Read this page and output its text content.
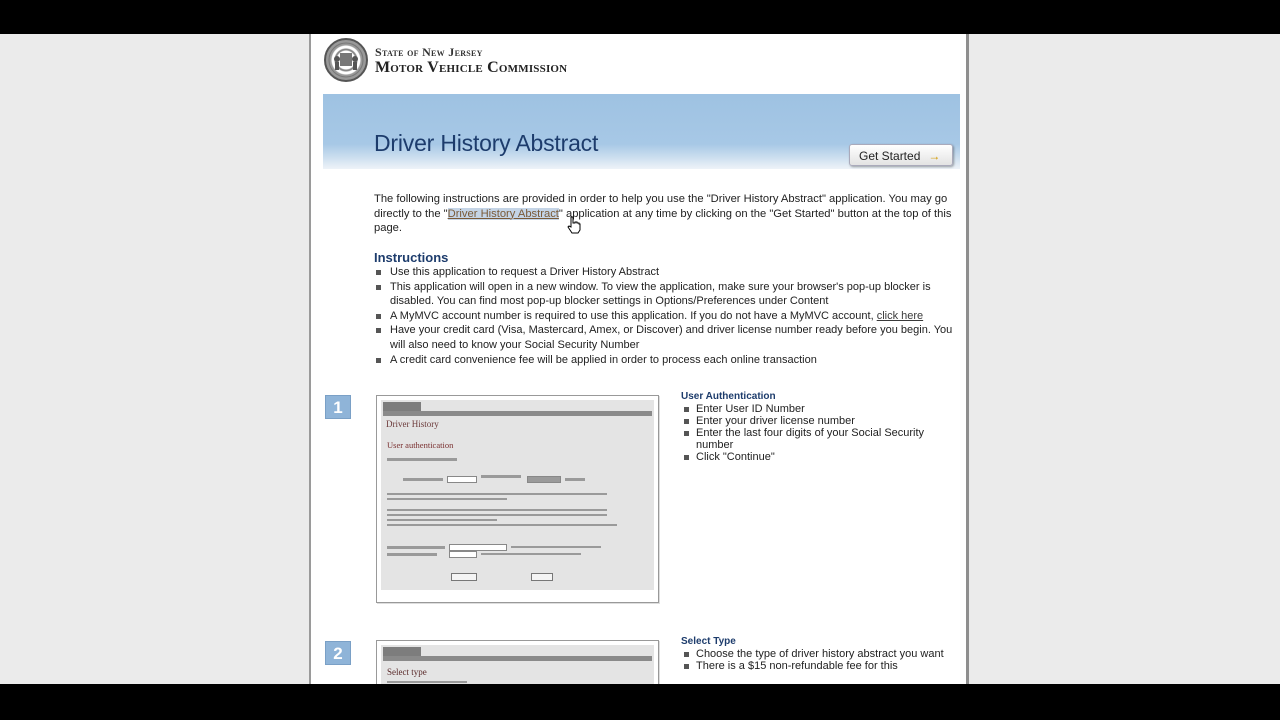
State of New Jersey
Motor Vehicle Commission
Driver History Abstract	Get Started →
The following instructions are provided in order to help you use the "Driver History Abstract" application. You may go directly to the "Driver History Abstract" application at any time by clicking on the "Get Started" button at the top of this page.
Instructions
Use this application to request a Driver History Abstract
This application will open in a new window. To view the application, make sure your browser's pop-up blocker is disabled. You can find most pop-up blocker settings in Options/Preferences under Content
A MyMVC account number is required to use this application. If you do not have a MyMVC account, click here
Have your credit card (Visa, Mastercard, Amex, or Discover) and driver license number ready before you begin. You will also need to know your Social Security Number
A credit card convenience fee will be applied in order to process each online transaction
1
Driver History
User authentication
User Authentication
Enter User ID Number
Enter your driver license number
Enter the last four digits of your Social Security number
Click "Continue"
2
Select type
Select Type
Choose the type of driver history abstract you want
There is a $15 non-refundable fee for this
